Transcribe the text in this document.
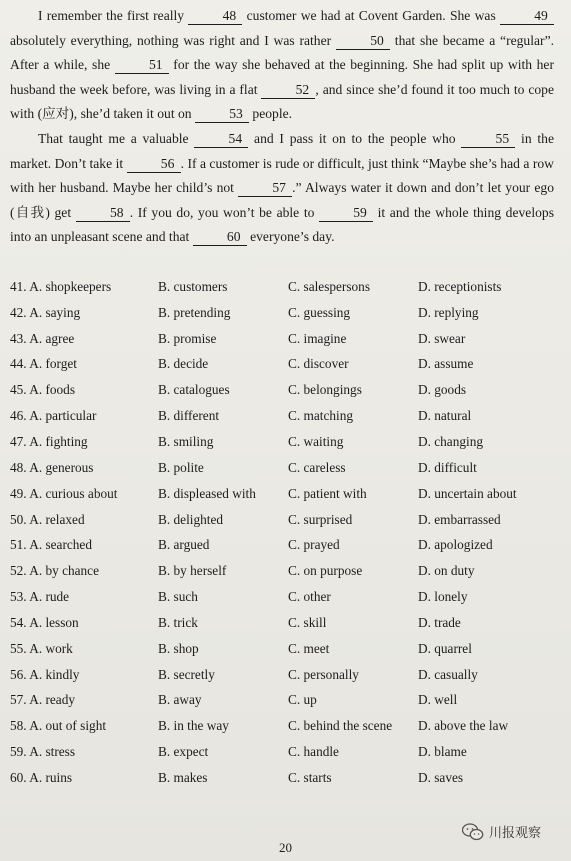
I remember the first really	48 customer we had at Covent Garden. She was	49 absolutely everything, nothing was right and I was rather	50 that she became a “regular”. After a while, she	51 for the way she behaved at the beginning. She had split up with her husband the week before, was living in a flat	52 , and since she’d found it too much to cope with (应对), she’d taken it out on	53 people.

That taught me a valuable	54 and I pass it on to the people who	55 in the market. Don’t take it	56 . If a customer is rude or difficult, just think “Maybe she’s had a row with her husband. Maybe her child’s not	57 .” Always water it down and don’t let your ego (自我) get	58 . If you do, you won’t be able to	59 it and the whole thing develops into an unpleasant scene and that	60 everyone’s day.

41. A. shopkeepers	B. customers	C. salespersons	D. receptionists
42. A. saying	B. pretending	C. guessing	D. replying
43. A. agree	B. promise	C. imagine	D. swear
44. A. forget	B. decide	C. discover	D. assume
45. A. foods	B. catalogues	C. belongings	D. goods
46. A. particular	B. different	C. matching	D. natural
47. A. fighting	B. smiling	C. waiting	D. changing
48. A. generous	B. polite	C. careless	D. difficult
49. A. curious about	B. displeased with	C. patient with	D. uncertain about
50. A. relaxed	B. delighted	C. surprised	D. embarrassed
51. A. searched	B. argued	C. prayed	D. apologized
52. A. by chance	B. by herself	C. on purpose	D. on duty
53. A. rude	B. such	C. other	D. lonely
54. A. lesson	B. trick	C. skill	D. trade
55. A. work	B. shop	C. meet	D. quarrel
56. A. kindly	B. secretly	C. personally	D. casually
57. A. ready	B. away	C. up	D. well
58. A. out of sight	B. in the way	C. behind the scene	D. above the law
59. A. stress	B. expect	C. handle	D. blame
60. A. ruins	B. makes	C. starts	D. saves
20
川报观察
